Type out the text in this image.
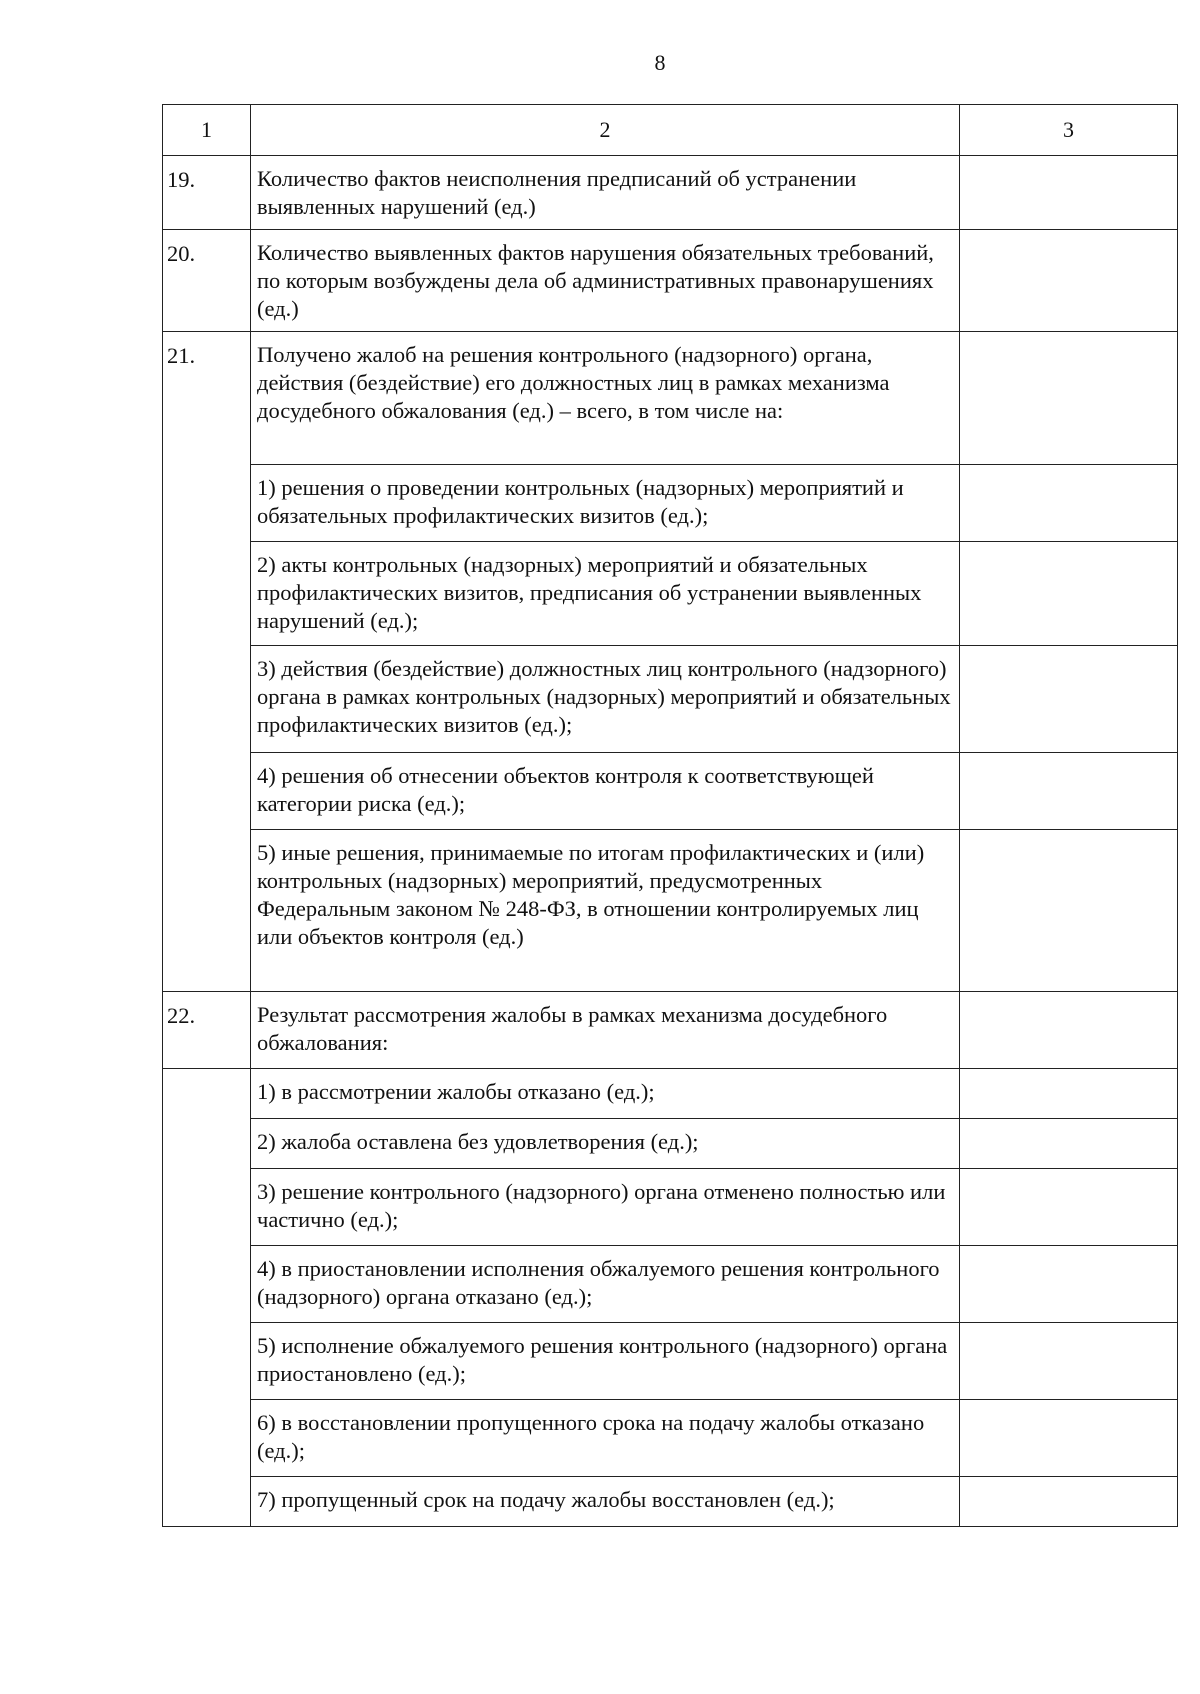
8
1	2	3
19.	Количество фактов неисполнения предписаний об устранении выявленных нарушений (ед.)	
20.	Количество выявленных фактов нарушения обязательных требований, по которым возбуждены дела об административных правонарушениях (ед.)	
21.	Получено жалоб на решения контрольного (надзорного) органа, действия (бездействие) его должностных лиц в рамках механизма досудебного обжалования (ед.) – всего, в том числе на:	
	1) решения о проведении контрольных (надзорных) мероприятий и обязательных профилактических визитов (ед.);	
	2) акты контрольных (надзорных) мероприятий и обязательных профилактических визитов, предписания об устранении выявленных нарушений (ед.);	
	3) действия (бездействие) должностных лиц контрольного (надзорного) органа в рамках контрольных (надзорных) мероприятий и обязательных профилактических визитов (ед.);	
	4) решения об отнесении объектов контроля к соответствующей категории риска (ед.);	
	5) иные решения, принимаемые по итогам профилактических и (или) контрольных (надзорных) мероприятий, предусмотренных Федеральным законом № 248-ФЗ, в отношении контролируемых лиц или объектов контроля (ед.)	
22.	Результат рассмотрения жалобы в рамках механизма досудебного обжалования:	
	1) в рассмотрении жалобы отказано (ед.);	
	2) жалоба оставлена без удовлетворения (ед.);	
	3) решение контрольного (надзорного) органа отменено полностью или частично (ед.);	
	4) в приостановлении исполнения обжалуемого решения контрольного (надзорного) органа отказано (ед.);	
	5) исполнение обжалуемого решения контрольного (надзорного) органа приостановлено (ед.);	
	6) в восстановлении пропущенного срока на подачу жалобы отказано (ед.);	
	7) пропущенный срок на подачу жалобы восстановлен (ед.);	
